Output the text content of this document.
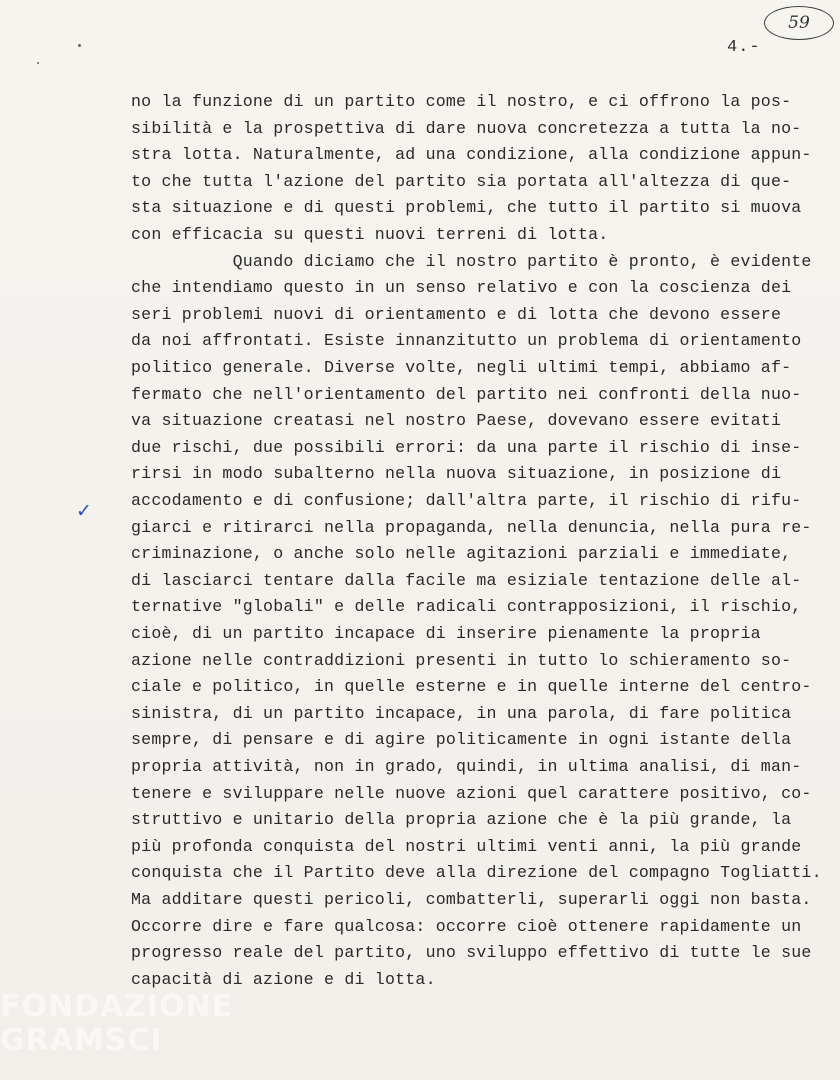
59
4.-
✓
no la funzione di un partito come il nostro, e ci offrono la pos-
sibilità e la prospettiva di dare nuova concretezza a tutta la no-
stra lotta. Naturalmente, ad una condizione, alla condizione appun-
to che tutta l'azione del partito sia portata all'altezza di que-
sta situazione e di questi problemi, che tutto il partito si muova
con efficacia su questi nuovi terreni di lotta.
Quando diciamo che il nostro partito è pronto, è evidente
che intendiamo questo in un senso relativo e con la coscienza dei
seri problemi nuovi di orientamento e di lotta che devono essere
da noi affrontati. Esiste innanzitutto un problema di orientamento
politico generale. Diverse volte, negli ultimi tempi, abbiamo af-
fermato che nell'orientamento del partito nei confronti della nuo-
va situazione creatasi nel nostro Paese, dovevano essere evitati
due rischi, due possibili errori: da una parte il rischio di inse-
rirsi in modo subalterno nella nuova situazione, in posizione di
accodamento e di confusione; dall'altra parte, il rischio di rifu-
giarci e ritirarci nella propaganda, nella denuncia, nella pura re-
criminazione, o anche solo nelle agitazioni parziali e immediate,
di lasciarci tentare dalla facile ma esiziale tentazione delle al-
ternative "globali" e delle radicali contrapposizioni, il rischio,
cioè, di un partito incapace di inserire pienamente la propria
azione nelle contraddizioni presenti in tutto lo schieramento so-
ciale e politico, in quelle esterne e in quelle interne del centro-
sinistra, di un partito incapace, in una parola, di fare politica
sempre, di pensare e di agire politicamente in ogni istante della
propria attività, non in grado, quindi, in ultima analisi, di man-
tenere e sviluppare nelle nuove azioni quel carattere positivo, co-
struttivo e unitario della propria azione che è la più grande, la
più profonda conquista del nostri ultimi venti anni, la più grande
conquista che il Partito deve alla direzione del compagno Togliatti.
Ma additare questi pericoli, combatterli, superarli oggi non basta.
Occorre dire e fare qualcosa: occorre cioè ottenere rapidamente un
progresso reale del partito, uno sviluppo effettivo di tutte le sue
capacità di azione e di lotta.
FONDAZIONE
GRAMSCI
